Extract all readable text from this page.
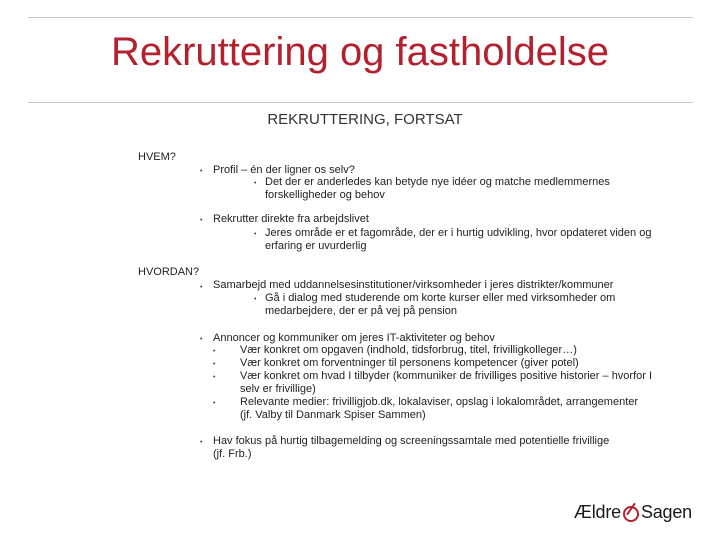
Rekruttering og fastholdelse
REKRUTTERING, FORTSAT
HVEM?
• Profil – én der ligner os selv?
• Det der er anderledes kan betyde nye idéer og matche medlemmernes
forskelligheder og behov
• Rekrutter direkte fra arbejdslivet
• Jeres område er et fagområde, der er i hurtig udvikling, hvor opdateret viden og
erfaring er uvurderlig
HVORDAN?
• Samarbejd med uddannelsesinstitutioner/virksomheder i jeres distrikter/kommuner
• Gå i dialog med studerende om korte kurser eller med virksomheder om
medarbejdere, der er på vej på pension
• Annoncer og kommuniker om jeres IT-aktiviteter og behov
• Vær konkret om opgaven (indhold, tidsforbrug, titel, frivilligkolleger…)
• Vær konkret om forventninger til personens kompetencer (giver potel)
• Vær konkret om hvad I tilbyder (kommuniker de frivilliges positive historier – hvorfor I
selv er frivillige)
• Relevante medier: frivilligjob.dk, lokalaviser, opslag i lokalområdet, arrangementer
(jf. Valby til Danmark Spiser Sammen)
• Hav fokus på hurtig tilbagemelding og screeningssamtale med potentielle frivillige
(jf. Frb.)
Ældre Sagen
